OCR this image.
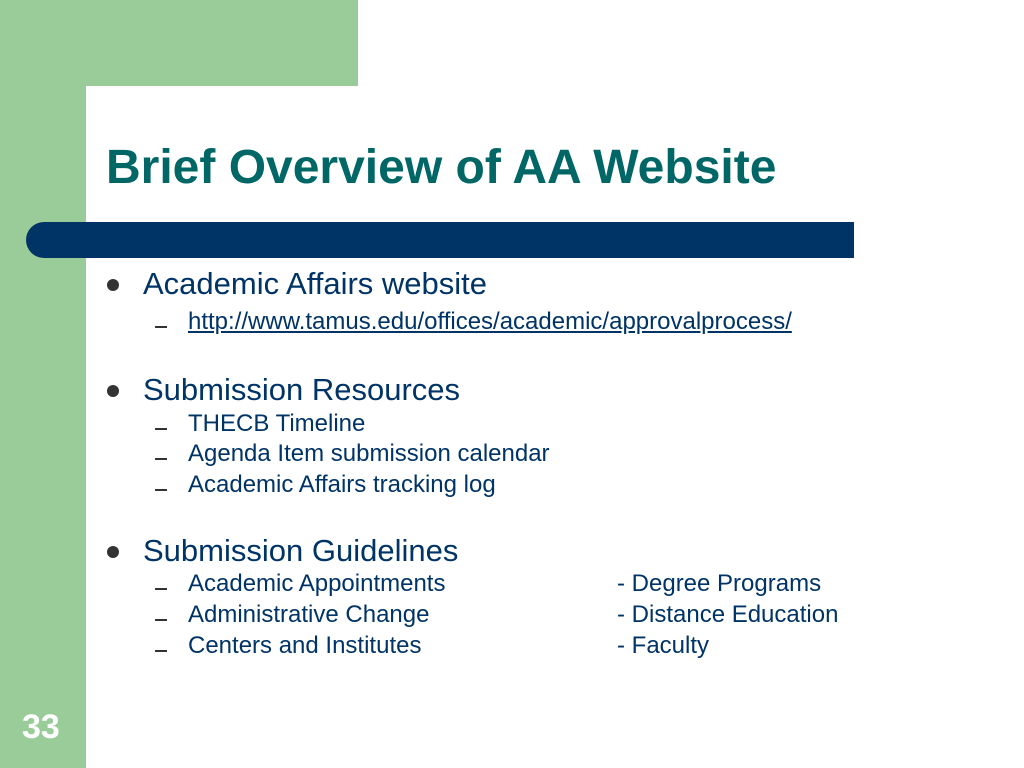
Brief Overview of AA Website
Academic Affairs website
http://www.tamus.edu/offices/academic/approvalprocess/
Submission Resources
THECB Timeline
Agenda Item submission calendar
Academic Affairs tracking log
Submission Guidelines
Academic Appointments	- Degree Programs
Administrative Change	- Distance Education
Centers and Institutes	- Faculty
33
